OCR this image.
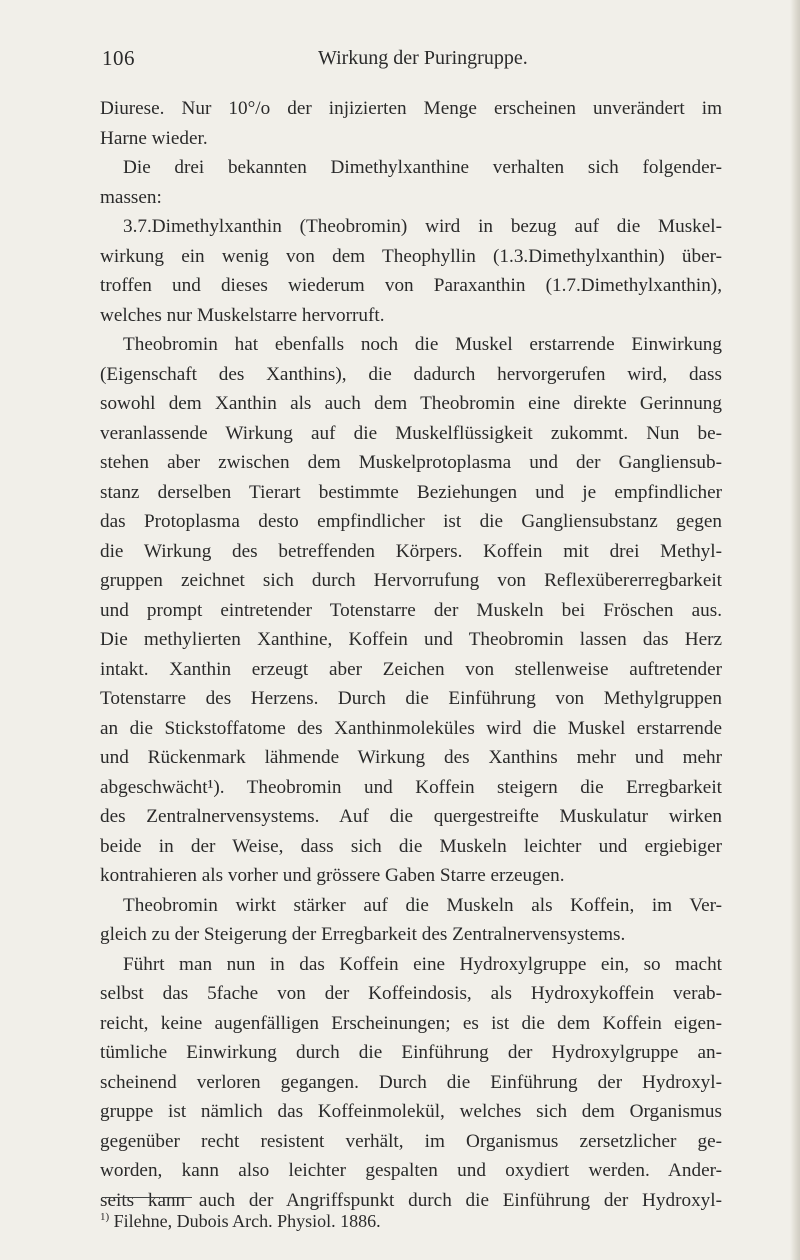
106	Wirkung der Puringruppe.
Diurese. Nur 10°/o der injizierten Menge erscheinen unverändert im
Harne wieder.
Die drei bekannten Dimethylxanthine verhalten sich folgender-
massen:
3.7.Dimethylxanthin (Theobromin) wird in bezug auf die Muskel-
wirkung ein wenig von dem Theophyllin (1.3.Dimethylxanthin) über-
troffen und dieses wiederum von Paraxanthin (1.7.Dimethylxanthin),
welches nur Muskelstarre hervorruft.
Theobromin hat ebenfalls noch die Muskel erstarrende Einwirkung
(Eigenschaft des Xanthins), die dadurch hervorgerufen wird, dass
sowohl dem Xanthin als auch dem Theobromin eine direkte Gerinnung
veranlassende Wirkung auf die Muskelflüssigkeit zukommt. Nun be-
stehen aber zwischen dem Muskelprotoplasma und der Gangliensub-
stanz derselben Tierart bestimmte Beziehungen und je empfindlicher
das Protoplasma desto empfindlicher ist die Gangliensubstanz gegen
die Wirkung des betreffenden Körpers. Koffein mit drei Methyl-
gruppen zeichnet sich durch Hervorrufung von Reflexübererregbarkeit
und prompt eintretender Totenstarre der Muskeln bei Fröschen aus.
Die methylierten Xanthine, Koffein und Theobromin lassen das Herz
intakt. Xanthin erzeugt aber Zeichen von stellenweise auftretender
Totenstarre des Herzens. Durch die Einführung von Methylgruppen
an die Stickstoffatome des Xanthinmoleküles wird die Muskel erstarrende
und Rückenmark lähmende Wirkung des Xanthins mehr und mehr
abgeschwächt¹). Theobromin und Koffein steigern die Erregbarkeit
des Zentralnervensystems. Auf die quergestreifte Muskulatur wirken
beide in der Weise, dass sich die Muskeln leichter und ergiebiger
kontrahieren als vorher und grössere Gaben Starre erzeugen.
Theobromin wirkt stärker auf die Muskeln als Koffein, im Ver-
gleich zu der Steigerung der Erregbarkeit des Zentralnervensystems.
Führt man nun in das Koffein eine Hydroxylgruppe ein, so macht
selbst das 5fache von der Koffeindosis, als Hydroxykoffein verab-
reicht, keine augenfälligen Erscheinungen; es ist die dem Koffein eigen-
tümliche Einwirkung durch die Einführung der Hydroxylgruppe an-
scheinend verloren gegangen. Durch die Einführung der Hydroxyl-
gruppe ist nämlich das Koffeinmolekül, welches sich dem Organismus
gegenüber recht resistent verhält, im Organismus zersetzlicher ge-
worden, kann also leichter gespalten und oxydiert werden. Ander-
seits kann auch der Angriffspunkt durch die Einführung der Hydroxyl-
$^{1)}$ Filehne, Dubois Arch. Physiol. 1886.
